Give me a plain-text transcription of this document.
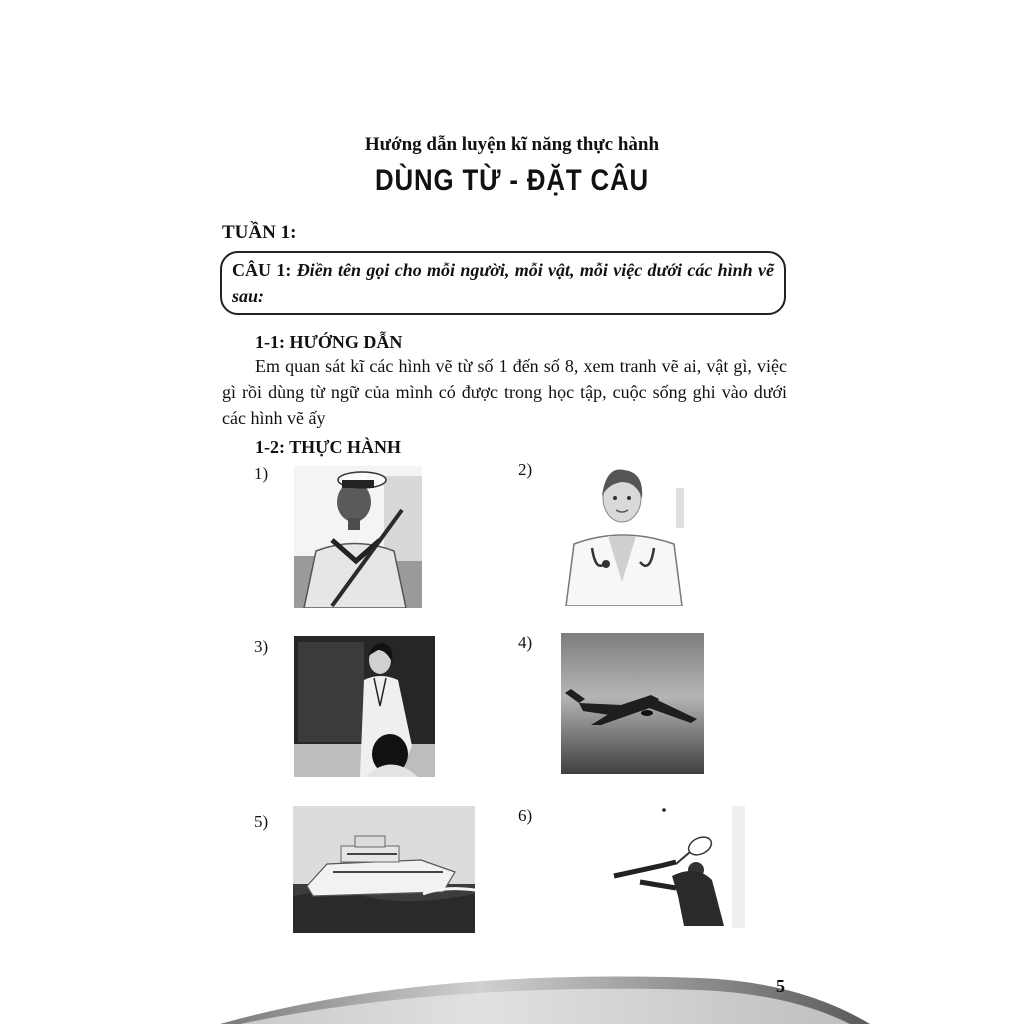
Hướng dẫn luyện kĩ năng thực hành
DÙNG TỪ - ĐẶT CÂU
TUẦN 1:
CÂU 1: Điền tên gọi cho mỗi người, mỗi vật, mỗi việc dưới các hình vẽ sau:
1-1: HƯỚNG DẪN
Em quan sát kĩ các hình vẽ từ số 1 đến số 8, xem tranh vẽ ai, vật gì, việc gì rồi dùng từ ngữ của mình có được trong học tập, cuộc sống ghi vào dưới các hình vẽ ấy
1-2: THỰC HÀNH
1)	2)
3)	4)
5)	6)
5
